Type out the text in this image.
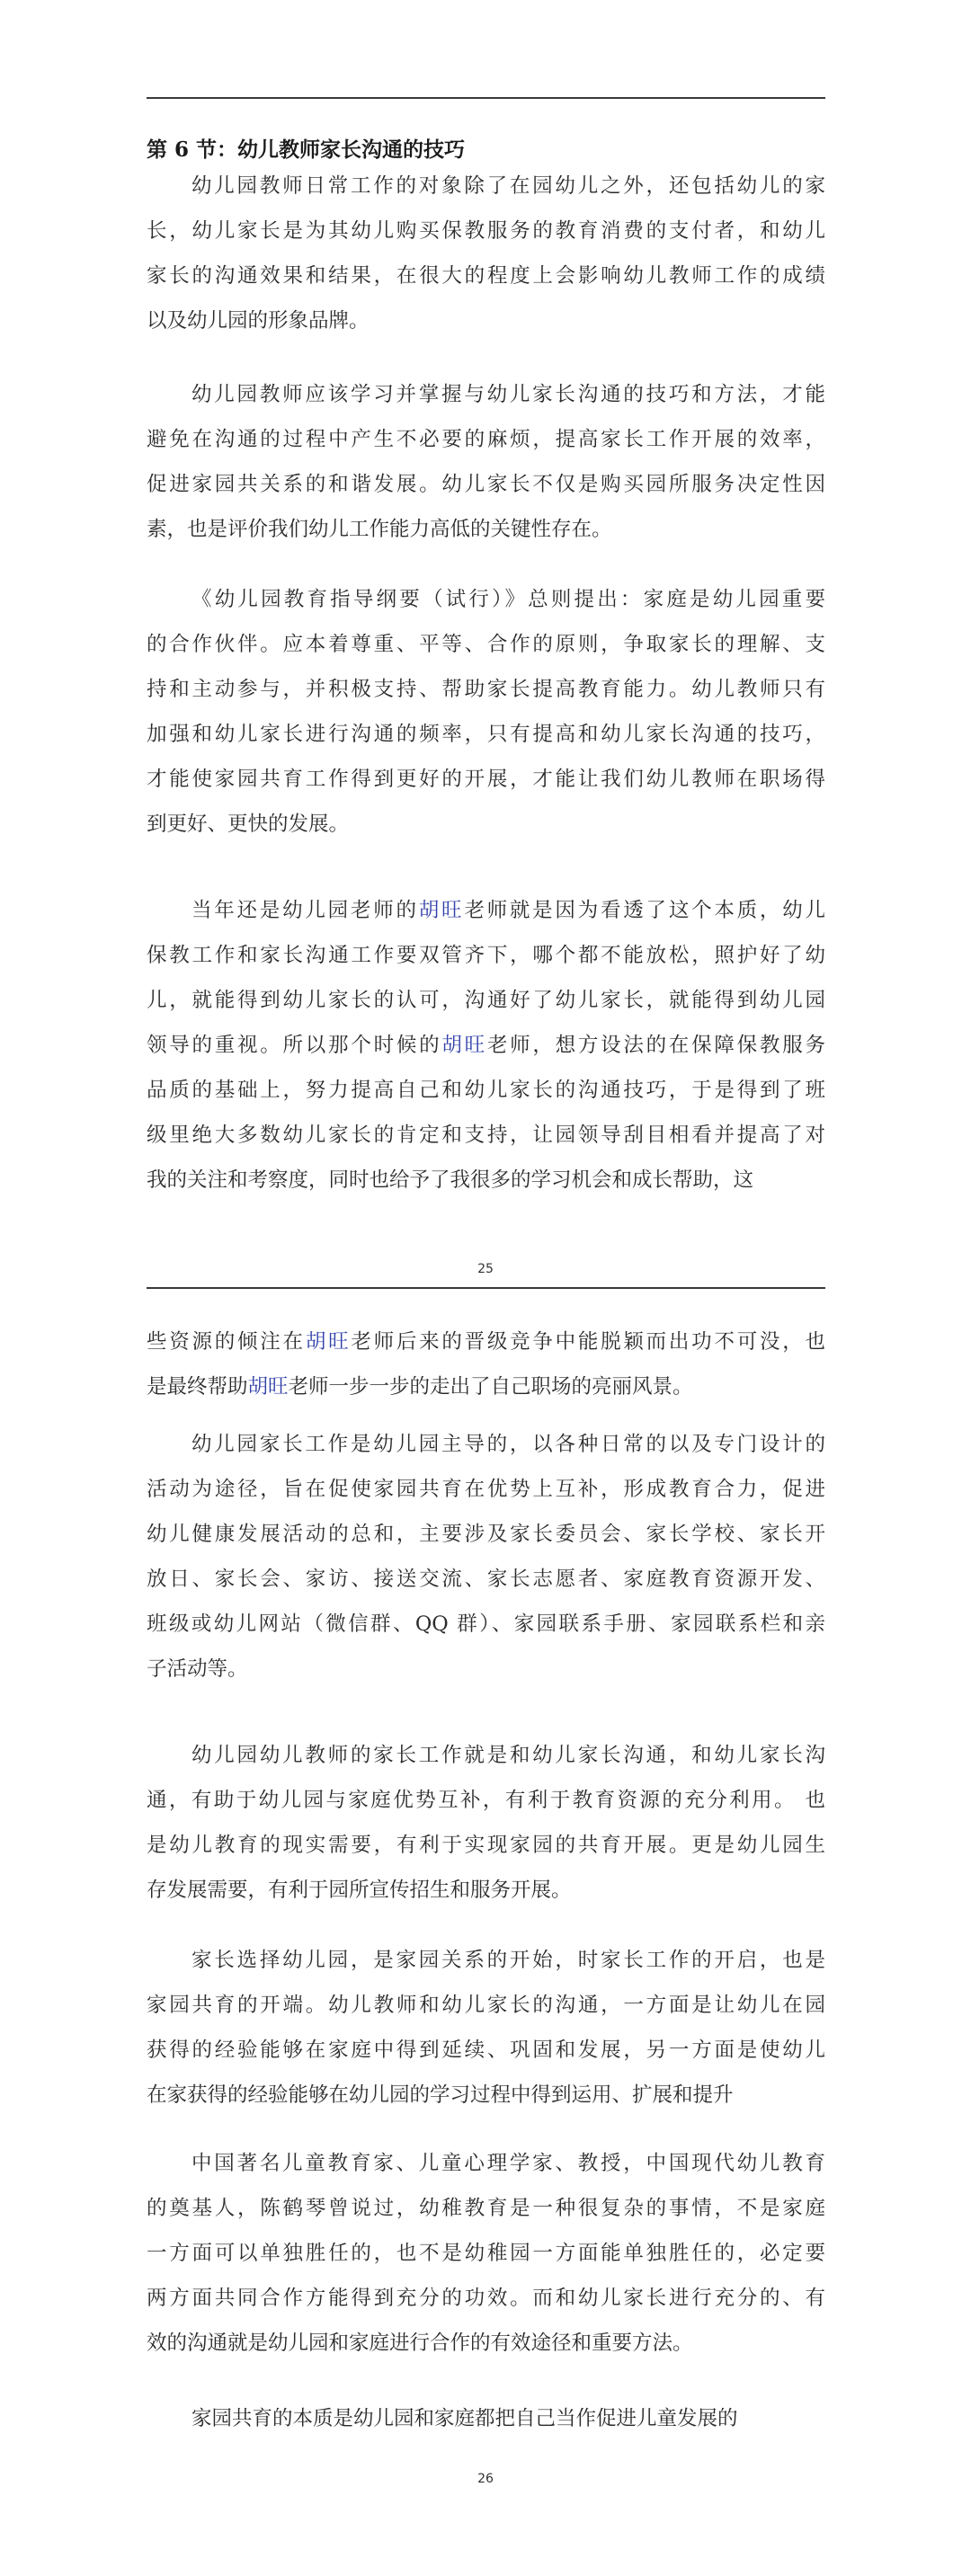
第 6 节：幼儿教师家长沟通的技巧
幼儿园教师日常工作的对象除了在园幼儿之外，还包括幼儿的家
长，幼儿家长是为其幼儿购买保教服务的教育消费的支付者，和幼儿
家长的沟通效果和结果，在很大的程度上会影响幼儿教师工作的成绩
以及幼儿园的形象品牌。
幼儿园教师应该学习并掌握与幼儿家长沟通的技巧和方法，才能
避免在沟通的过程中产生不必要的麻烦，提高家长工作开展的效率，
促进家园共关系的和谐发展。幼儿家长不仅是购买园所服务决定性因
素，也是评价我们幼儿工作能力高低的关键性存在。
《幼儿园教育指导纲要（试行）》总则提出：家庭是幼儿园重要
的合作伙伴。应本着尊重、平等、合作的原则，争取家长的理解、支
持和主动参与，并积极支持、帮助家长提高教育能力。幼儿教师只有
加强和幼儿家长进行沟通的频率，只有提高和幼儿家长沟通的技巧，
才能使家园共育工作得到更好的开展，才能让我们幼儿教师在职场得
到更好、更快的发展。
当年还是幼儿园老师的胡旺老师就是因为看透了这个本质，幼儿
保教工作和家长沟通工作要双管齐下，哪个都不能放松，照护好了幼
儿，就能得到幼儿家长的认可，沟通好了幼儿家长，就能得到幼儿园
领导的重视。所以那个时候的胡旺老师，想方设法的在保障保教服务
品质的基础上，努力提高自己和幼儿家长的沟通技巧，于是得到了班
级里绝大多数幼儿家长的肯定和支持，让园领导刮目相看并提高了对
我的关注和考察度，同时也给予了我很多的学习机会和成长帮助，这
25
些资源的倾注在胡旺老师后来的晋级竞争中能脱颖而出功不可没，也
是最终帮助胡旺老师一步一步的走出了自己职场的亮丽风景。
幼儿园家长工作是幼儿园主导的，以各种日常的以及专门设计的
活动为途径，旨在促使家园共育在优势上互补，形成教育合力，促进
幼儿健康发展活动的总和，主要涉及家长委员会、家长学校、家长开
放日、家长会、家访、接送交流、家长志愿者、家庭教育资源开发、
班级或幼儿网站（微信群、QQ 群）、家园联系手册、家园联系栏和亲
子活动等。
幼儿园幼儿教师的家长工作就是和幼儿家长沟通，和幼儿家长沟
通，有助于幼儿园与家庭优势互补，有利于教育资源的充分利用。 也
是幼儿教育的现实需要，有利于实现家园的共育开展。更是幼儿园生
存发展需要，有利于园所宣传招生和服务开展。
家长选择幼儿园，是家园关系的开始，时家长工作的开启，也是
家园共育的开端。幼儿教师和幼儿家长的沟通，一方面是让幼儿在园
获得的经验能够在家庭中得到延续、巩固和发展，另一方面是使幼儿
在家获得的经验能够在幼儿园的学习过程中得到运用、扩展和提升
中国著名儿童教育家、儿童心理学家、教授，中国现代幼儿教育
的奠基人，陈鹤琴曾说过，幼稚教育是一种很复杂的事情，不是家庭
一方面可以单独胜任的，也不是幼稚园一方面能单独胜任的，必定要
两方面共同合作方能得到充分的功效。而和幼儿家长进行充分的、有
效的沟通就是幼儿园和家庭进行合作的有效途径和重要方法。
家园共育的本质是幼儿园和家庭都把自己当作促进儿童发展的
26
